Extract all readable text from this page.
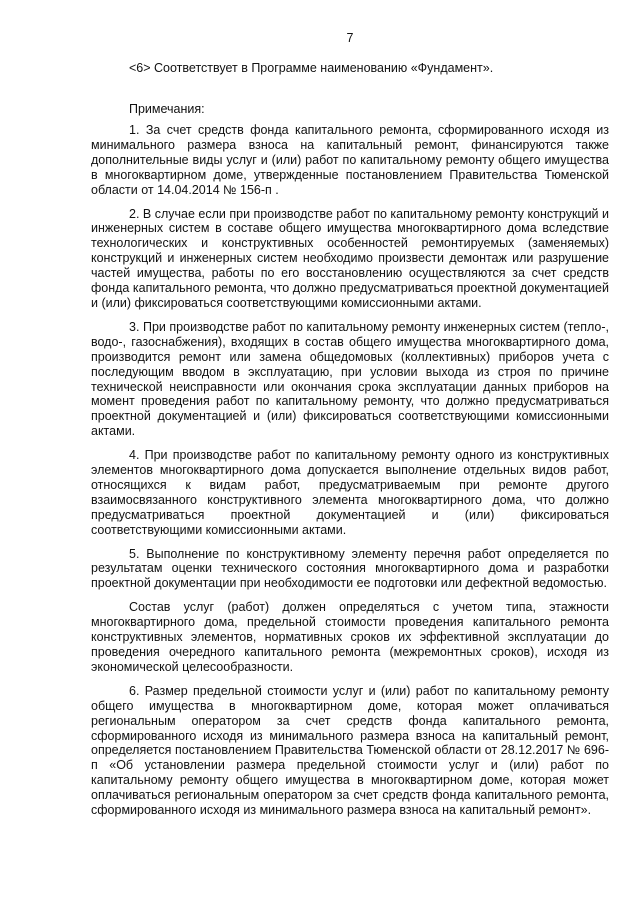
7
<6> Соответствует в Программе наименованию «Фундамент».
Примечания:

1. За счет средств фонда капитального ремонта, сформированного исходя из минимального размера взноса на капитальный ремонт, финансируются также дополнительные виды услуг и (или) работ по капитальному ремонту общего имущества в многоквартирном доме, утвержденные постановлением Правительства Тюменской области от 14.04.2014 № 156-п .

2. В случае если при производстве работ по капитальному ремонту конструкций и инженерных систем в составе общего имущества многоквартирного дома вследствие технологических и конструктивных особенностей ремонтируемых (заменяемых) конструкций и инженерных систем необходимо произвести демонтаж или разрушение частей имущества, работы по его восстановлению осуществляются за счет средств фонда капитального ремонта, что должно предусматриваться проектной документацией и (или) фиксироваться соответствующими комиссионными актами.

3. При производстве работ по капитальному ремонту инженерных систем (тепло-, водо-, газоснабжения), входящих в состав общего имущества многоквартирного дома, производится ремонт или замена общедомовых (коллективных) приборов учета с последующим вводом в эксплуатацию, при условии выхода из строя по причине технической неисправности или окончания срока эксплуатации данных приборов на момент проведения работ по капитальному ремонту, что должно предусматриваться проектной документацией и (или) фиксироваться соответствующими комиссионными актами.

4. При производстве работ по капитальному ремонту одного из конструктивных элементов многоквартирного дома допускается выполнение отдельных видов работ, относящихся к видам работ, предусматриваемым при ремонте другого взаимосвязанного конструктивного элемента многоквартирного дома, что должно предусматриваться проектной документацией и (или) фиксироваться соответствующими комиссионными актами.

5. Выполнение по конструктивному элементу перечня работ определяется по результатам оценки технического состояния многоквартирного дома и разработки проектной документации при необходимости ее подготовки или дефектной ведомостью.

Состав услуг (работ) должен определяться с учетом типа, этажности многоквартирного дома, предельной стоимости проведения капитального ремонта конструктивных элементов, нормативных сроков их эффективной эксплуатации до проведения очередного капитального ремонта (межремонтных сроков), исходя из экономической целесообразности.

6. Размер предельной стоимости услуг и (или) работ по капитальному ремонту общего имущества в многоквартирном доме, которая может оплачиваться региональным оператором за счет средств фонда капитального ремонта, сформированного исходя из минимального размера взноса на капитальный ремонт, определяется постановлением Правительства Тюменской области от 28.12.2017 № 696-п «Об установлении размера предельной стоимости услуг и (или) работ по капитальному ремонту общего имущества в многоквартирном доме, которая может оплачиваться региональным оператором за счет средств фонда капитального ремонта, сформированного исходя из минимального размера взноса на капитальный ремонт».
